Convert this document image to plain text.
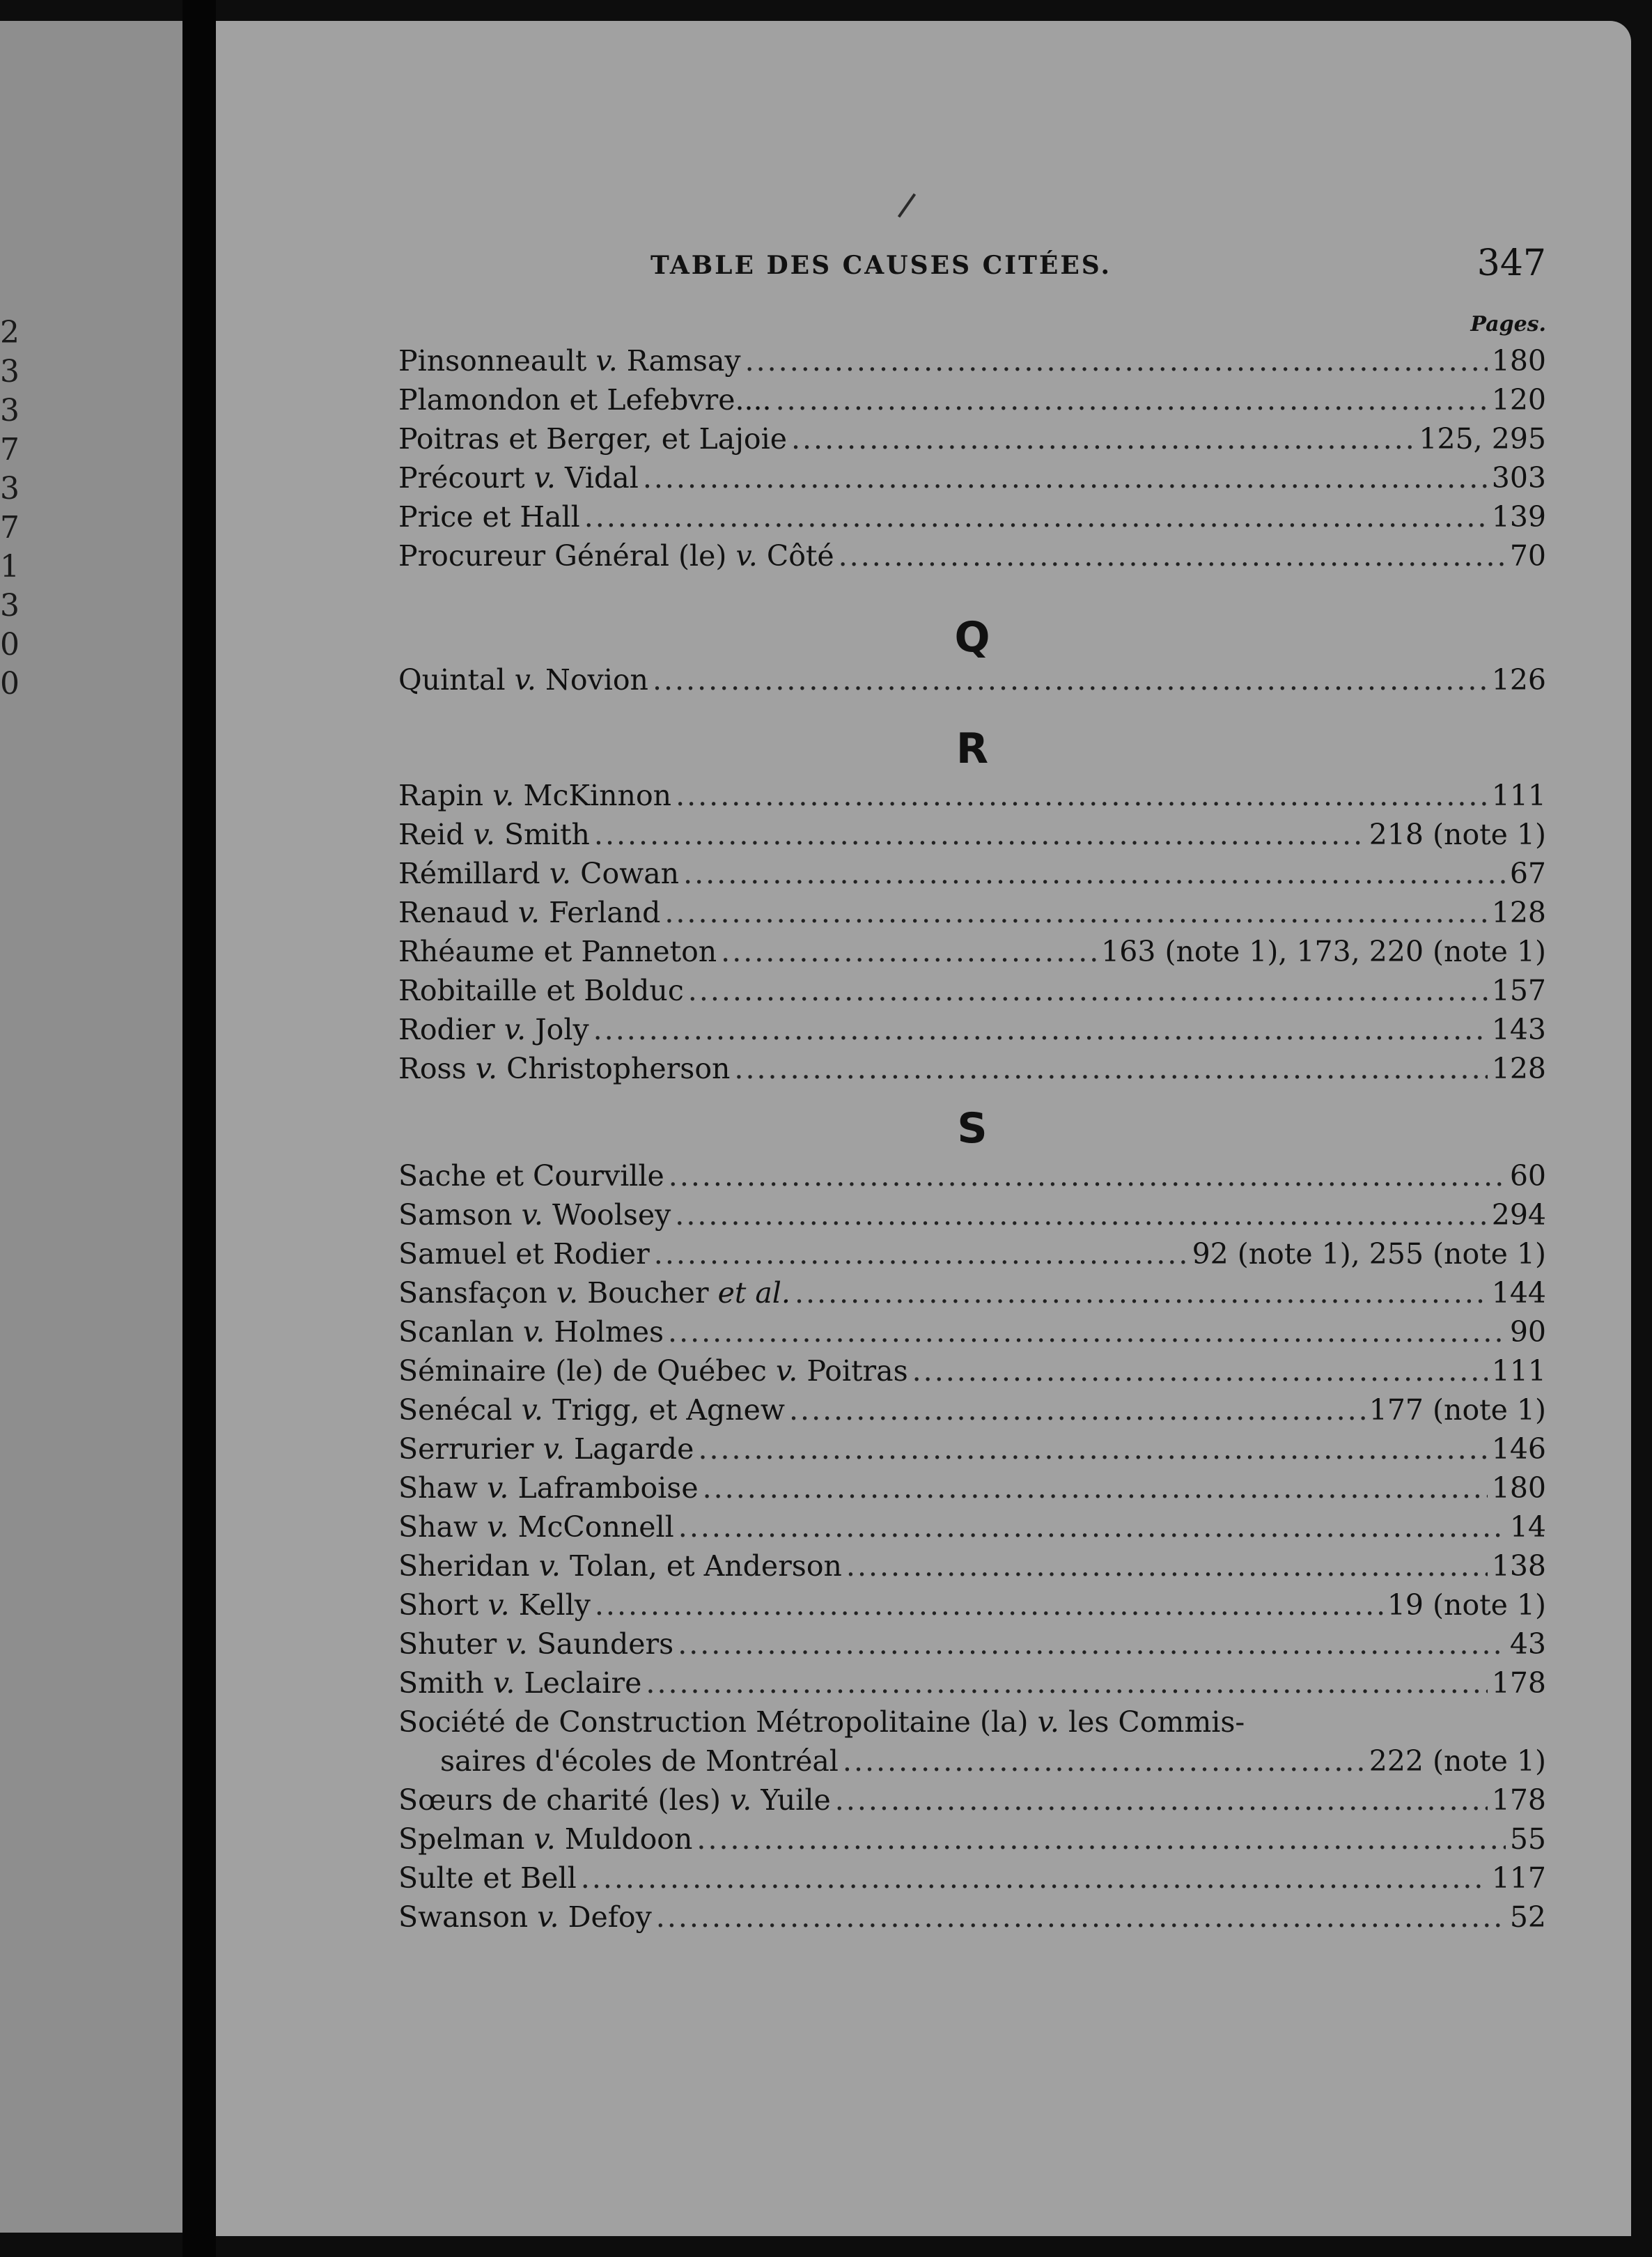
2
3
3
7
3
7
1
3
0
0
TABLE DES CAUSES CITÉES.	347
Pages.
Pinsonneault v. Ramsay .....	180
Plamondon et Lefebvre.... .....	120
Poitras et Berger, et Lajoie .....	125, 295
Précourt v. Vidal .....	303
Price et Hall .....	139
Procureur Général (le) v. Côté .....	70
Q
Quintal v. Novion .....	126
R
Rapin v. McKinnon .....	111
Reid v. Smith .....	218 (note 1)
Rémillard v. Cowan .....	67
Renaud v. Ferland .....	128
Rhéaume et Panneton .....	163 (note 1), 173, 220 (note 1)
Robitaille et Bolduc .....	157
Rodier v. Joly .....	143
Ross v. Christopherson .....	128
S
Sache et Courville .....	60
Samson v. Woolsey .....	294
Samuel et Rodier .....	92 (note 1), 255 (note 1)
Sansfaçon v. Boucher et al. .....	144
Scanlan v. Holmes .....	90
Séminaire (le) de Québec v. Poitras .....	111
Senécal v. Trigg, et Agnew .....	177 (note 1)
Serrurier v. Lagarde .....	146
Shaw v. Laframboise .....	180
Shaw v. McConnell .....	14
Sheridan v. Tolan, et Anderson .....	138
Short v. Kelly .....	19 (note 1)
Shuter v. Saunders .....	43
Smith v. Leclaire .....	178
Société de Construction Métropolitaine (la) v. les Commis-
saires d'écoles de Montréal .....	222 (note 1)
Sœurs de charité (les) v. Yuile .....	178
Spelman v. Muldoon .....	55
Sulte et Bell .....	117
Swanson v. Defoy .....	52
